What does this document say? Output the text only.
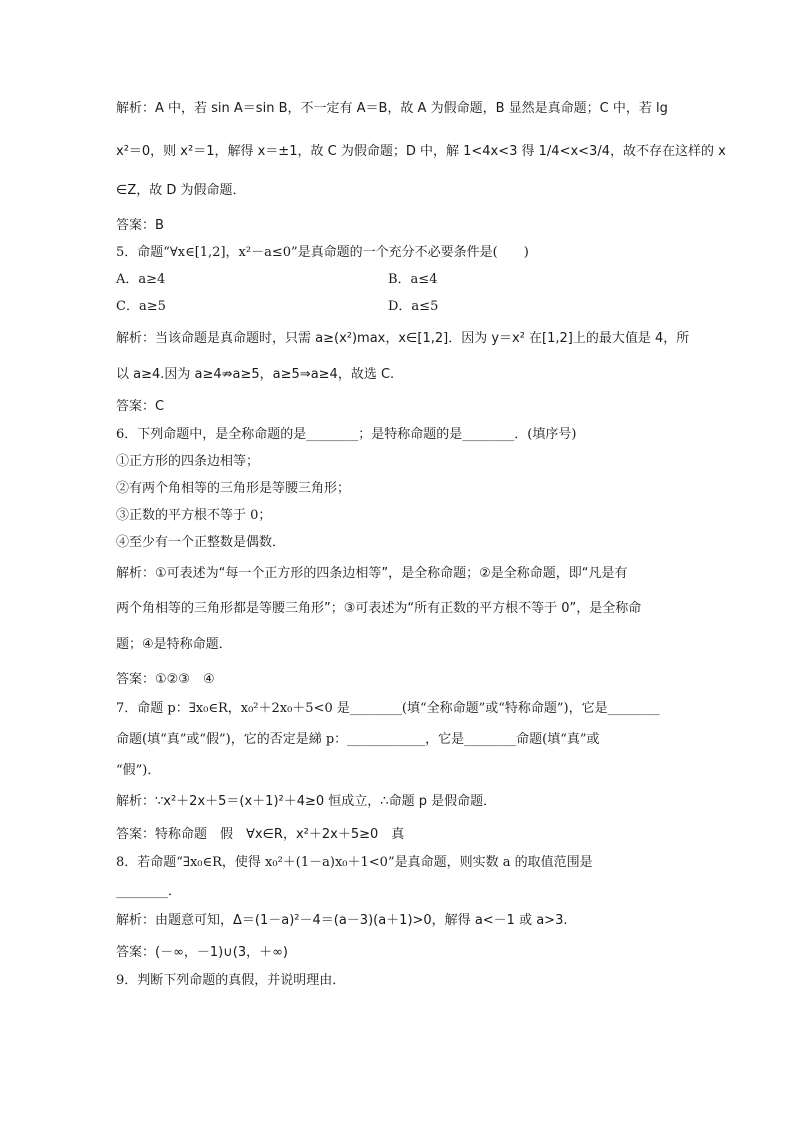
解析：A 中，若 sin A＝sin B，不一定有 A＝B，故 A 为假命题，B 显然是真命题；C 中，若 lg
x²＝0，则 x²＝1，解得 x＝±1，故 C 为假命题；D 中，解 1<4x<3 得 1/4<x<3/4，故不存在这样的 x
∈Z，故 D 为假命题．
答案：B
5．命题“∀x∈[1,2]，x²－a≤0”是真命题的一个充分不必要条件是(　　)
A．a≥4	B．a≤4
C．a≥5	D．a≤5
解析：当该命题是真命题时，只需 a≥(x²)max，x∈[1,2]．因为 y＝x² 在[1,2]上的最大值是 4，所
以 a≥4.因为 a≥4⇏a≥5，a≥5⇒a≥4，故选 C.
答案：C
6．下列命题中，是全称命题的是________；是特称命题的是________．(填序号)
①正方形的四条边相等；
②有两个角相等的三角形是等腰三角形；
③正数的平方根不等于 0；
④至少有一个正整数是偶数．
解析：①可表述为“每一个正方形的四条边相等”，是全称命题；②是全称命题，即“凡是有
两个角相等的三角形都是等腰三角形”；③可表述为“所有正数的平方根不等于 0”，是全称命
题；④是特称命题．
答案：①②③　④
7．命题 p：∃x₀∈R，x₀²＋2x₀＋5<0 是________(填“全称命题”或“特称命题”)，它是________
命题(填“真”或“假”)，它的否定是綈 p：____________，它是________命题(填“真”或
“假”)．
解析：∵x²＋2x＋5＝(x＋1)²＋4≥0 恒成立，∴命题 p 是假命题．
答案：特称命题　假　∀x∈R，x²＋2x＋5≥0　真
8．若命题“∃x₀∈R，使得 x₀²＋(1－a)x₀＋1<0”是真命题，则实数 a 的取值范围是
________．
解析：由题意可知，Δ＝(1－a)²－4＝(a－3)(a＋1)>0，解得 a<－1 或 a>3.
答案：(－∞，－1)∪(3，＋∞)
9．判断下列命题的真假，并说明理由．
